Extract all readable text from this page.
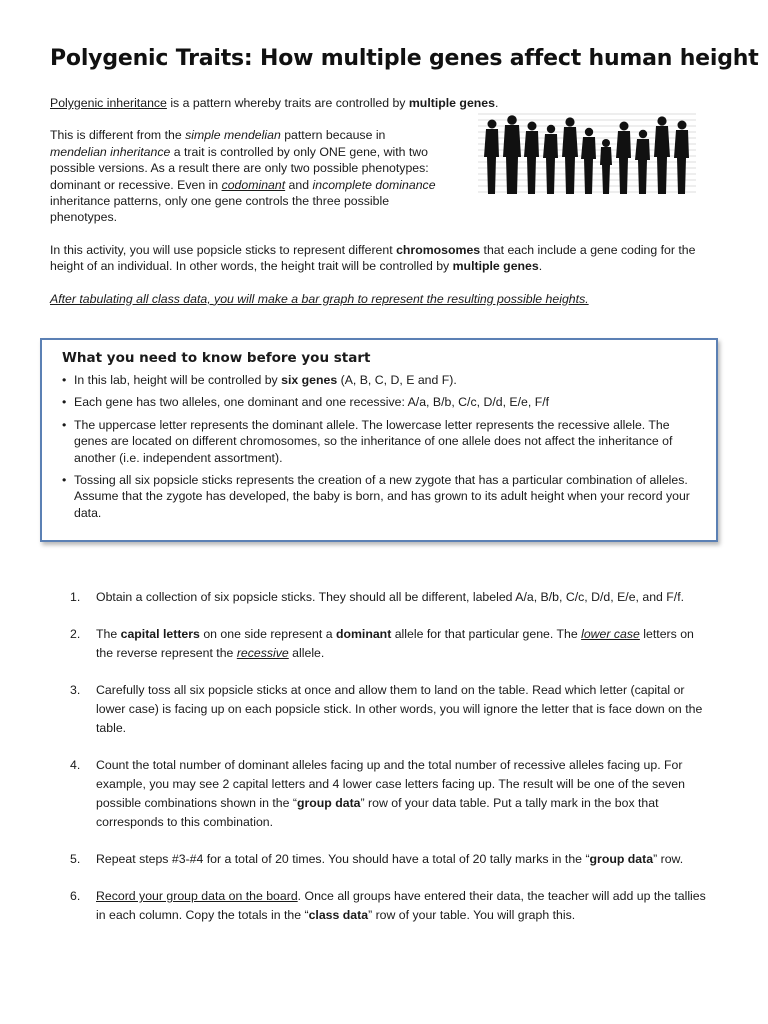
Polygenic Traits: How multiple genes affect human height

Polygenic inheritance is a pattern whereby traits are controlled by multiple genes.

This is different from the simple mendelian pattern because in mendelian inheritance a trait is controlled by only ONE gene, with two possible versions. As a result there are only two possible phenotypes: dominant or recessive. Even in codominant and incomplete dominance inheritance patterns, only one gene controls the three possible phenotypes.

In this activity, you will use popsicle sticks to represent different chromosomes that each include a gene coding for the height of an individual. In other words, the height trait will be controlled by multiple genes.

After tabulating all class data, you will make a bar graph to represent the resulting possible heights.

What you need to know before you start
• In this lab, height will be controlled by six genes (A, B, C, D, E and F).
• Each gene has two alleles, one dominant and one recessive: A/a, B/b, C/c, D/d, E/e, F/f
• The uppercase letter represents the dominant allele. The lowercase letter represents the recessive allele. The genes are located on different chromosomes, so the inheritance of one allele does not affect the inheritance of another (i.e. independent assortment).
• Tossing all six popsicle sticks represents the creation of a new zygote that has a particular combination of alleles. Assume that the zygote has developed, the baby is born, and has grown to its adult height when your record your data.
1. Obtain a collection of six popsicle sticks. They should all be different, labeled A/a, B/b, C/c, D/d, E/e, and F/f.
2. The capital letters on one side represent a dominant allele for that particular gene. The lower case letters on the reverse represent the recessive allele.
3. Carefully toss all six popsicle sticks at once and allow them to land on the table. Read which letter (capital or lower case) is facing up on each popsicle stick. In other words, you will ignore the letter that is face down on the table.
4. Count the total number of dominant alleles facing up and the total number of recessive alleles facing up. For example, you may see 2 capital letters and 4 lower case letters facing up. The result will be one of the seven possible combinations shown in the “group data” row of your data table. Put a tally mark in the box that corresponds to this combination.
5. Repeat steps #3-#4 for a total of 20 times. You should have a total of 20 tally marks in the “group data” row.
6. Record your group data on the board. Once all groups have entered their data, the teacher will add up the tallies in each column. Copy the totals in the “class data” row of your table. You will graph this.
